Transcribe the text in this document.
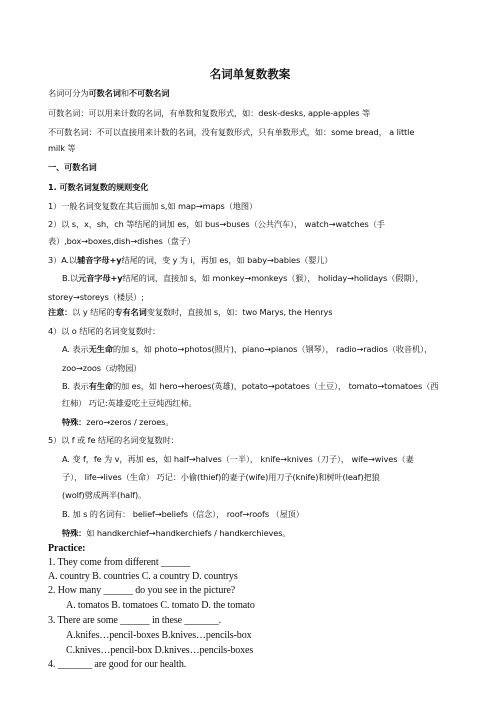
名词单复数教案
名词可分为可数名词和不可数名词
可数名词：可以用来计数的名词，有单数和复数形式，如：desk-desks, apple-apples 等
不可数名词：不可以直接用来计数的名词，没有复数形式，只有单数形式，如：some bread， a little
milk 等
一、可数名词
1. 可数名词复数的规则变化
1）一般名词变复数在其后面加 s,如 map→maps（地图）
2）以 s，x，sh，ch 等结尾的词加 es，如 bus→buses（公共汽车）， watch→watches（手
表）,box→boxes,dish→dishes（盘子）
3）A.以辅音字母+y结尾的词，变 y 为 i，再加 es，如 baby→babies（婴儿）
B.以元音字母+y结尾的词，直接加 s，如 monkey→monkeys（猴）， holiday→holidays（假期），
storey→storeys（楼层）;
注意：以 y 结尾的专有名词变复数时，直接加 s，如：two Marys, the Henrys
4）以 o 结尾的名词变复数时：
A. 表示无生命的加 s，如 photo→photos(照片)，piano→pianos（钢琴）， radio→radios（收音机），
zoo→zoos（动物园）
B. 表示有生命的加 es，如 hero→heroes(英雄)，potato→potatoes（土豆）， tomato→tomatoes（西
红柿） 巧记:英雄爱吃土豆炖西红柿。
特殊：zero→zeros / zeroes。
5）以 f 或 fe 结尾的名词变复数时：
A. 变 f，fe 为 v，再加 es，如 half→halves（一半）， knife→knives（刀子）， wife→wives（妻
子）， life→lives（生命） 巧记：小偷(thief)的妻子(wife)用刀子(knife)和树叶(leaf)把狼
(wolf)劈成两半(half)。
B. 加 s 的名词有： belief→beliefs（信念）， roof→roofs （屋顶）
特殊：如 handkerchief→handkerchiefs / handkerchieves。
Practice:
1. They come from different ______
A. country B. countries C. a country D. countrys
2. How many ______ do you see in the picture?
A. tomatos B. tomatoes C. tomato D. the tomato
3. There are some ______ in these _______.
A.knifes…pencil-boxes B.knives…pencils-box
C.knives…pencil-box D.knives…pencils-boxes
4. _______ are good for our health.
